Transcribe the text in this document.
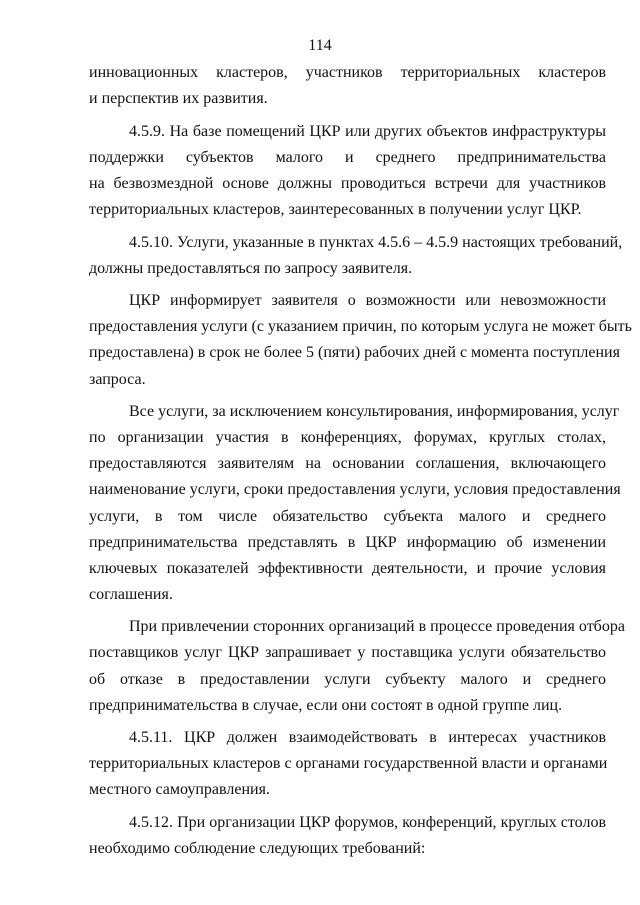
114
инновационных кластеров, участников территориальных кластеров
и перспектив их развития.
4.5.9. На базе помещений ЦКР или других объектов инфраструктуры
поддержки субъектов малого и среднего предпринимательства
на безвозмездной основе должны проводиться встречи для участников
территориальных кластеров, заинтересованных в получении услуг ЦКР.
4.5.10. Услуги, указанные в пунктах 4.5.6 – 4.5.9 настоящих требований,
должны предоставляться по запросу заявителя.
ЦКР информирует заявителя о возможности или невозможности
предоставления услуги (с указанием причин, по которым услуга не может быть
предоставлена) в срок не более 5 (пяти) рабочих дней с момента поступления
запроса.
Все услуги, за исключением консультирования, информирования, услуг
по организации участия в конференциях, форумах, круглых столах,
предоставляются заявителям на основании соглашения, включающего
наименование услуги, сроки предоставления услуги, условия предоставления
услуги, в том числе обязательство субъекта малого и среднего
предпринимательства представлять в ЦКР информацию об изменении
ключевых показателей эффективности деятельности, и прочие условия
соглашения.
При привлечении сторонних организаций в процессе проведения отбора
поставщиков услуг ЦКР запрашивает у поставщика услуги обязательство
об отказе в предоставлении услуги субъекту малого и среднего
предпринимательства в случае, если они состоят в одной группе лиц.
4.5.11. ЦКР должен взаимодействовать в интересах участников
территориальных кластеров с органами государственной власти и органами
местного самоуправления.
4.5.12. При организации ЦКР форумов, конференций, круглых столов
необходимо соблюдение следующих требований:
